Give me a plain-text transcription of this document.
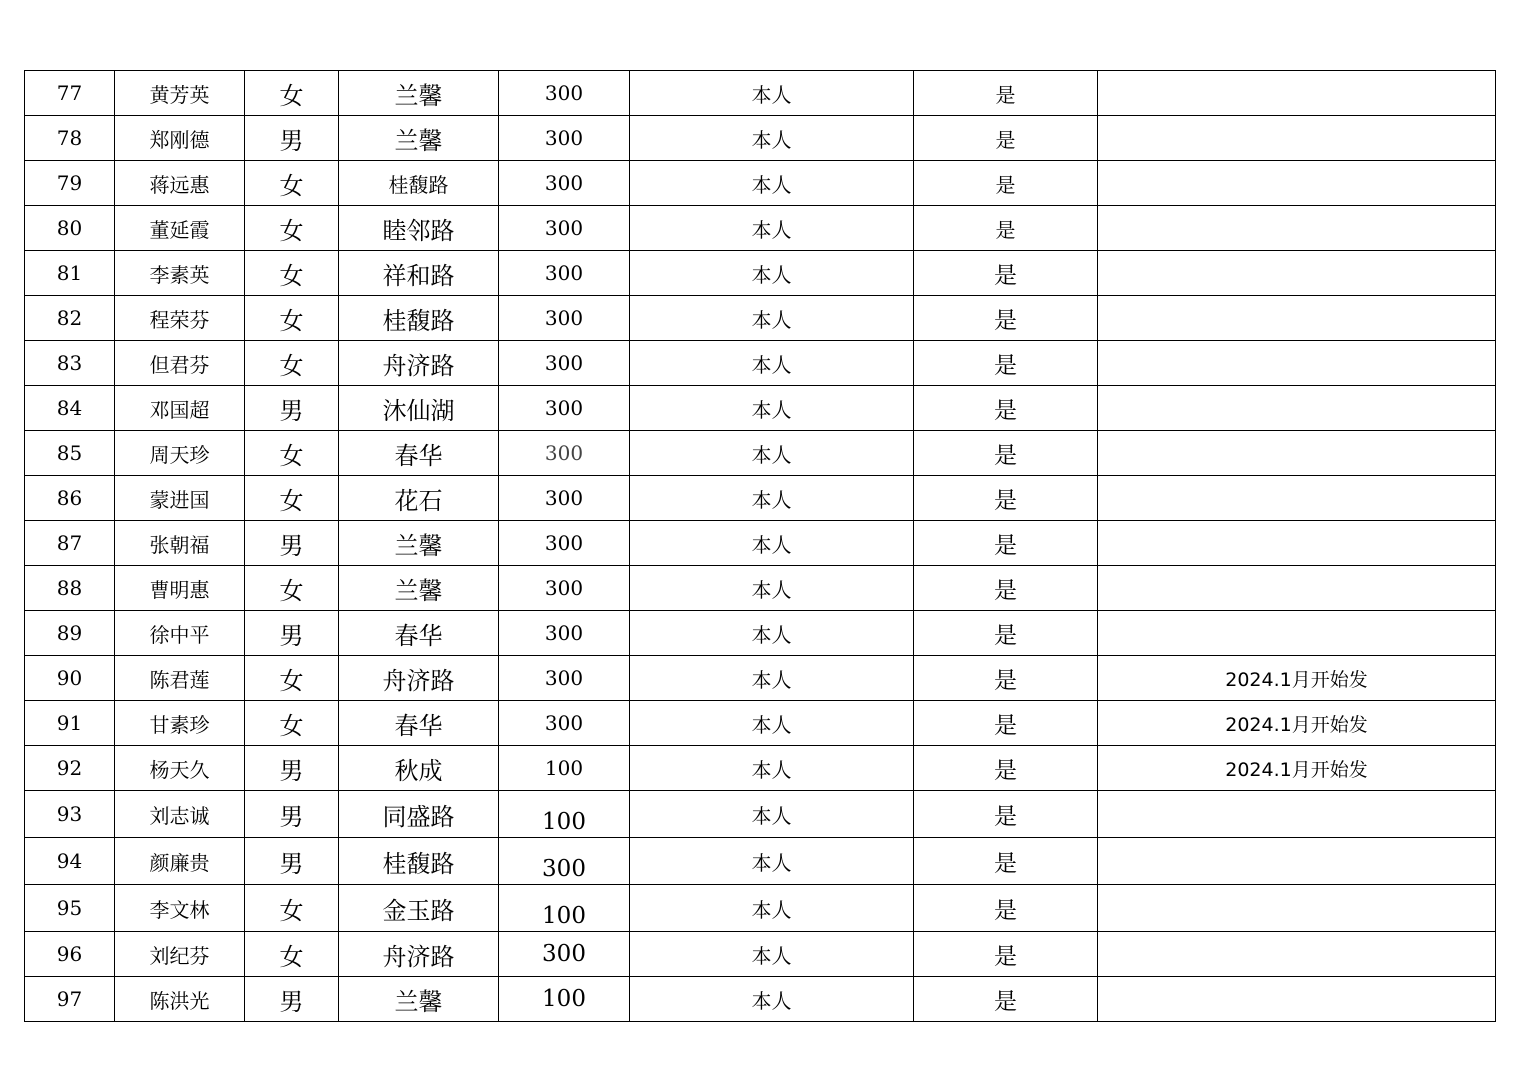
77	黄芳英	女	兰馨	300	本人	是	
78	郑刚德	男	兰馨	300	本人	是	
79	蒋远惠	女	桂馥路	300	本人	是	
80	董延霞	女	睦邻路	300	本人	是	
81	李素英	女	祥和路	300	本人	是	
82	程荣芬	女	桂馥路	300	本人	是	
83	但君芬	女	舟济路	300	本人	是	
84	邓国超	男	沐仙湖	300	本人	是	
85	周天珍	女	春华	300	本人	是	
86	蒙进国	女	花石	300	本人	是	
87	张朝福	男	兰馨	300	本人	是	
88	曹明惠	女	兰馨	300	本人	是	
89	徐中平	男	春华	300	本人	是	
90	陈君莲	女	舟济路	300	本人	是	2024.1月开始发
91	甘素珍	女	春华	300	本人	是	2024.1月开始发
92	杨天久	男	秋成	100	本人	是	2024.1月开始发
93	刘志诚	男	同盛路	100	本人	是	
94	颜廉贵	男	桂馥路	300	本人	是	
95	李文林	女	金玉路	100	本人	是	
96	刘纪芬	女	舟济路	300	本人	是	
97	陈洪光	男	兰馨	100	本人	是	
